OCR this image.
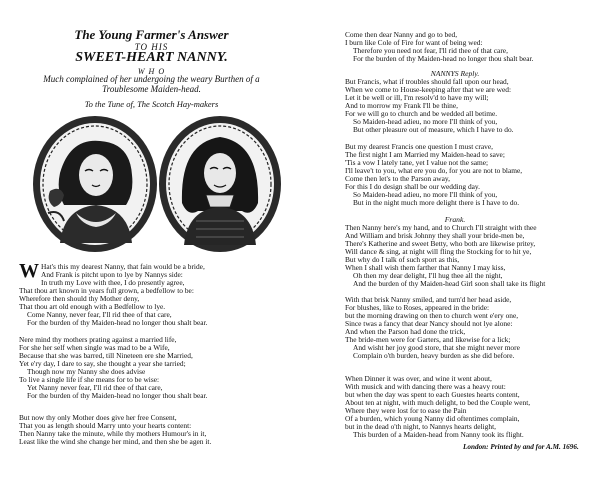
The Young Farmer's Answer
TO HIS
SWEET-HEART NANNY.
W H O
Much complained of her undergoing the weary Burthen of a
Troublesome Maiden-head.
To the Tune of, The Scotch Hay-makers
W Hat's this my dearest Nanny, that fain would be a bride,
And Frank is pitcht upon to lye by Nannys side:
In truth my Love with thee, I do presently agree,
That thou art known in years full grown, a bedfellow to be:
Wherefore then should thy Mother deny,
That thou art old enough with a Bedfellow to lye.
Come Nanny, never fear, I'll rid thee of that care,
For the burden of thy Maiden-head no longer thou shalt bear.
Nere mind thy mothers prating against a married life,
For she her self when single was mad to be a Wife,
Because that she was barred, till Nineteen ere she Married,
Yet e'ry day, I dare to say, she thought a year she tarried;
Though now my Nanny she does advise
To live a single life if she means for to be wise:
Yet Nanny never fear, I'll rid thee of that care,
For the burden of thy Maiden-head no longer thou shalt bear.
But now thy only Mother does give her free Consent,
That you as length should Marry unto your hearts content:
Then Nanny take the minute, while thy mothers Humour's in it,
Least like the wind she change her mind, and then she be agen it.
Come then dear Nanny and go to bed,
I burn like Cole of Fire for want of being wed:
Therefore you need not fear, I'll rid thee of that care,
For the burden of thy Maiden-head no longer thou shalt bear.
NANNYS Reply.
But Francis, what if troubles should fall upon our head,
When we come to House-keeping after that we are wed:
Let it be well or ill, I'm resolv'd to have my will;
And to morrow my Frank I'll be thine,
For we will go to church and be wedded all betime.
So Maiden-head adieu, no more I'll think of you,
But other pleasure out of measure, which I have to do.
But my dearest Francis one question I must crave,
The first night I am Married my Maiden-head to save;
'Tis a vow I lately tane, yet I value not the same;
I'll leave't to you, what ere you do, for you are not to blame,
Come then let's to the Parson away,
For this I do design shall be our wedding day.
So Maiden-head adieu, no more I'll think of you,
But in the night much more delight there is I have to do.
Frank.
Then Nanny here's my hand, and to Church I'll straight with thee
And William and brisk Johnny they shall your bride-men be,
There's Katherine and sweet Betty, who both are likewise pritey,
Will dance & sing, at night will fling the Stocking for to hit ye,
But why do I talk of such sport as this,
When I shall wish them farther that Nanny I may kiss,
Oh then my dear delight, I'll hug thee all the night,
And the burden of thy Maiden-head Girl soon shall take its flight
With that brisk Nanny smiled, and turn'd her head aside,
For blushes, like to Roses, appeared in the bride:
but the morning drawing on then to church went e'ery one,
Since twas a fancy that dear Nancy should not lye alone:
And when the Parson had done the trick,
The bride-men were for Garters, and likewise for a lick;
And wisht her joy good store, that she might never more
Complain o'th burden, heavy burden as she did before.
When Dinner it was over, and wine it went about,
With musick and with dancing there was a heavy rout:
but when the day was spent to each Guestes hearts content,
About ten at night, with much delight, to bed the Couple went,
Where they were lost for to ease the Pain
Of a burden, which young Nanny did oftentimes complain,
but in the dead o'th night, to Nannys hearts delight,
This burden of a Maiden-head from Nanny took its flight.
London: Printed by and for A.M. 1696.
